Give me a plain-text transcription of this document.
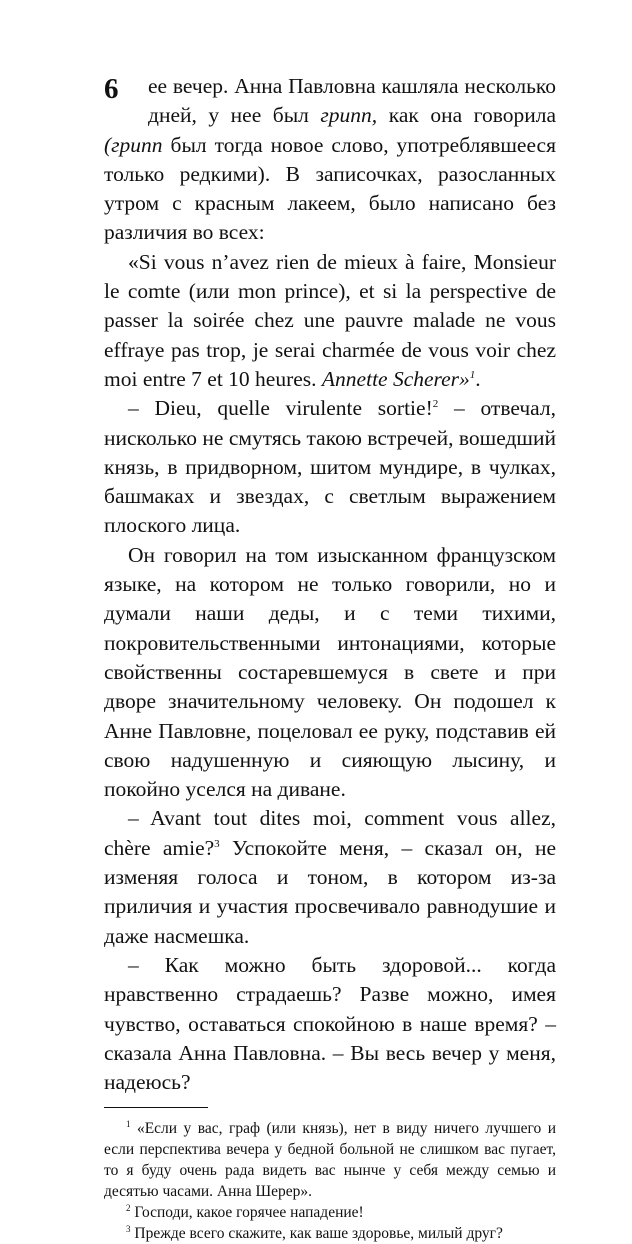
6	ее вечер. Анна Павловна кашляла несколько дней, у нее был грипп, как она говорила (грипп был тогда новое слово, употреблявшееся только редкими). В записочках, разосланных утром с красным лакеем, было написано без различия во всех:

«Si vous n’avez rien de mieux à faire, Monsieur le comte (или mon prince), et si la perspective de passer la soirée chez une pauvre malade ne vous effraye pas trop, je serai charmée de vous voir chez moi entre 7 et 10 heures. Annette Scherer»$^1$.

– Dieu, quelle virulente sortie!$^2$ – отвечал, нисколько не смутясь такою встречей, вошедший князь, в придворном, шитом мундире, в чулках, башмаках и звездах, с светлым выражением плоского лица.

Он говорил на том изысканном французском языке, на котором не только говорили, но и думали наши деды, и с теми тихими, покровительственными интонациями, которые свойственны состаревшемуся в свете и при дворе значительному человеку. Он подошел к Анне Павловне, поцеловал ее руку, подставив ей свою надушенную и сияющую лысину, и покойно уселся на диване.

– Avant tout dites moi, comment vous allez, chère amie?$^3$ Успокойте меня, – сказал он, не изменяя голоса и тоном, в котором из-за приличия и участия просвечивало равнодушие и даже насмешка.

– Как можно быть здоровой... когда нравственно страдаешь? Разве можно, имея чувство, оставаться спокойною в наше время? – сказала Анна Павловна. – Вы весь вечер у меня, надеюсь?

$^1$ «Если у вас, граф (или князь), нет в виду ничего лучшего и если перспектива вечера у бедной больной не слишком вас пугает, то я буду очень рада видеть вас нынче у себя между семью и десятью часами. Анна Шерер».

$^2$ Господи, какое горячее нападение!

$^3$ Прежде всего скажите, как ваше здоровье, милый друг?
